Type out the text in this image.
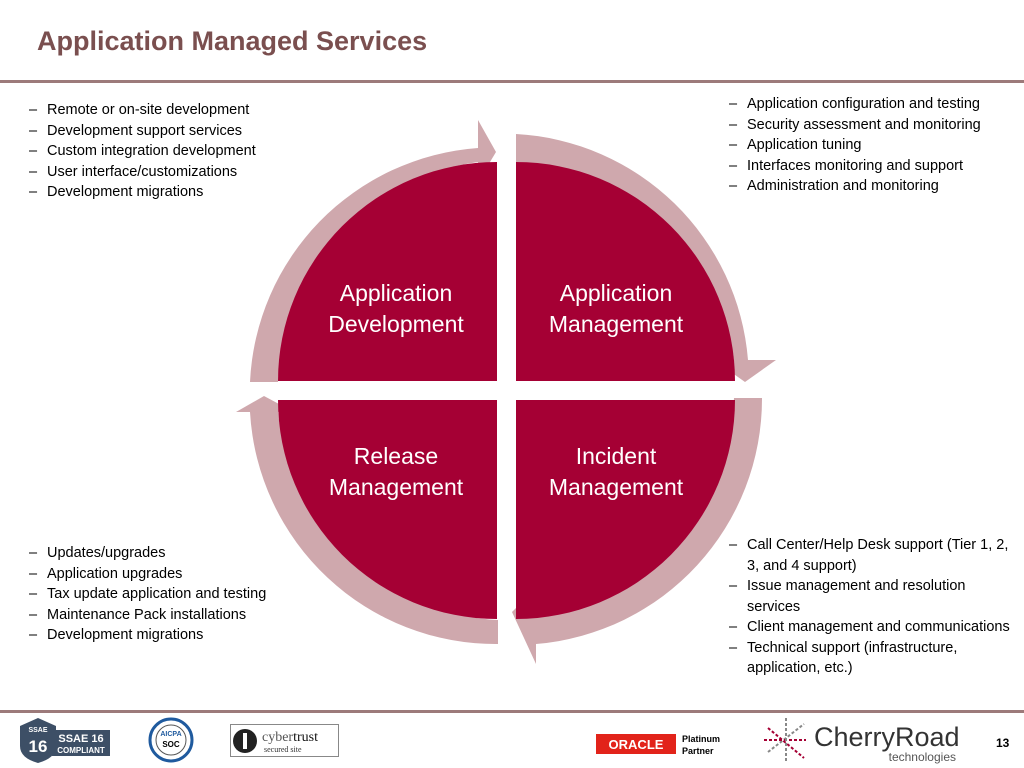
Application Managed Services
– Remote or on-site development
– Development support services
– Custom integration development
– User interface/customizations
– Development migrations
– Application configuration and testing
– Security assessment and monitoring
– Application tuning
– Interfaces monitoring and support
– Administration and monitoring
– Updates/upgrades
– Application upgrades
– Tax update application and testing
– Maintenance Pack installations
– Development migrations
– Call Center/Help Desk support (Tier 1, 2, 3, and 4 support)
– Issue management and resolution services
– Client management and communications
– Technical support (infrastructure, application, etc.)
Application
Development
Application
Management
Release
Management
Incident
Management
SSAE
16 SSAE 16
COMPLIANT
AICPA
SOC	cybertrust
secured site	ORACLE Platinum
Partner	CherryRoad
technologies
13
